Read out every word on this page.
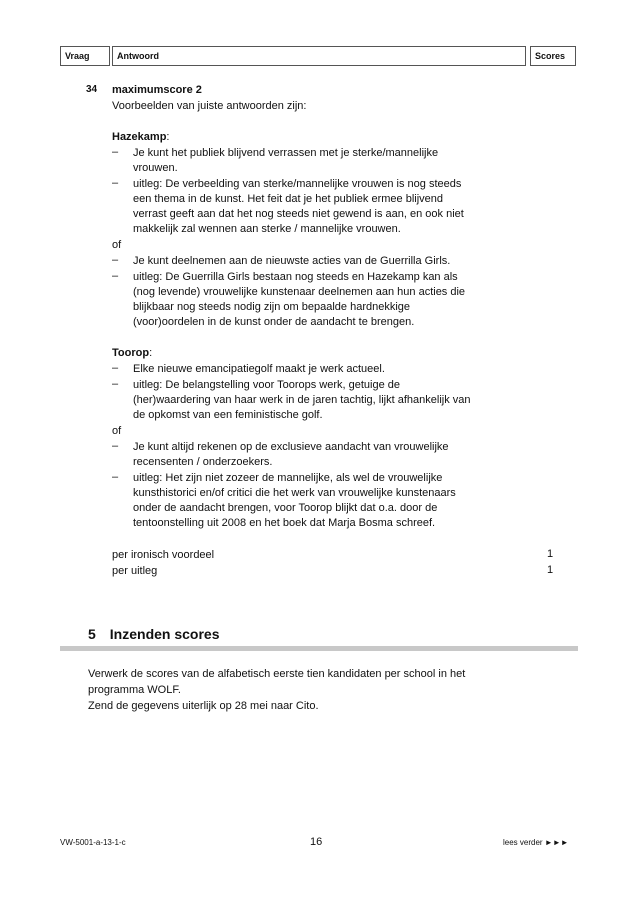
Vraag	Antwoord	Scores
34 maximumscore 2
Voorbeelden van juiste antwoorden zijn:
Hazekamp:
– Je kunt het publiek blijvend verrassen met je sterke/mannelijke
vrouwen.
– uitleg: De verbeelding van sterke/mannelijke vrouwen is nog steeds
een thema in de kunst. Het feit dat je het publiek ermee blijvend
verrast geeft aan dat het nog steeds niet gewend is aan, en ook niet
makkelijk zal wennen aan sterke / mannelijke vrouwen.
of
– Je kunt deelnemen aan de nieuwste acties van de Guerrilla Girls.
– uitleg: De Guerrilla Girls bestaan nog steeds en Hazekamp kan als
(nog levende) vrouwelijke kunstenaar deelnemen aan hun acties die
blijkbaar nog steeds nodig zijn om bepaalde hardnekkige
(voor)oordelen in de kunst onder de aandacht te brengen.
Toorop:
– Elke nieuwe emancipatiegolf maakt je werk actueel.
– uitleg: De belangstelling voor Toorops werk, getuige de
(her)waardering van haar werk in de jaren tachtig, lijkt afhankelijk van
de opkomst van een feministische golf.
of
– Je kunt altijd rekenen op de exclusieve aandacht van vrouwelijke
recensenten / onderzoekers.
– uitleg: Het zijn niet zozeer de mannelijke, als wel de vrouwelijke
kunsthistorici en/of critici die het werk van vrouwelijke kunstenaars
onder de aandacht brengen, voor Toorop blijkt dat o.a. door de
tentoonstelling uit 2008 en het boek dat Marja Bosma schreef.
per ironisch voordeel	1
per uitleg	1
5 Inzenden scores
Verwerk de scores van de alfabetisch eerste tien kandidaten per school in het
programma WOLF.
Zend de gegevens uiterlijk op 28 mei naar Cito.
VW-5001-a-13-1-c	16	lees verder ►►►
